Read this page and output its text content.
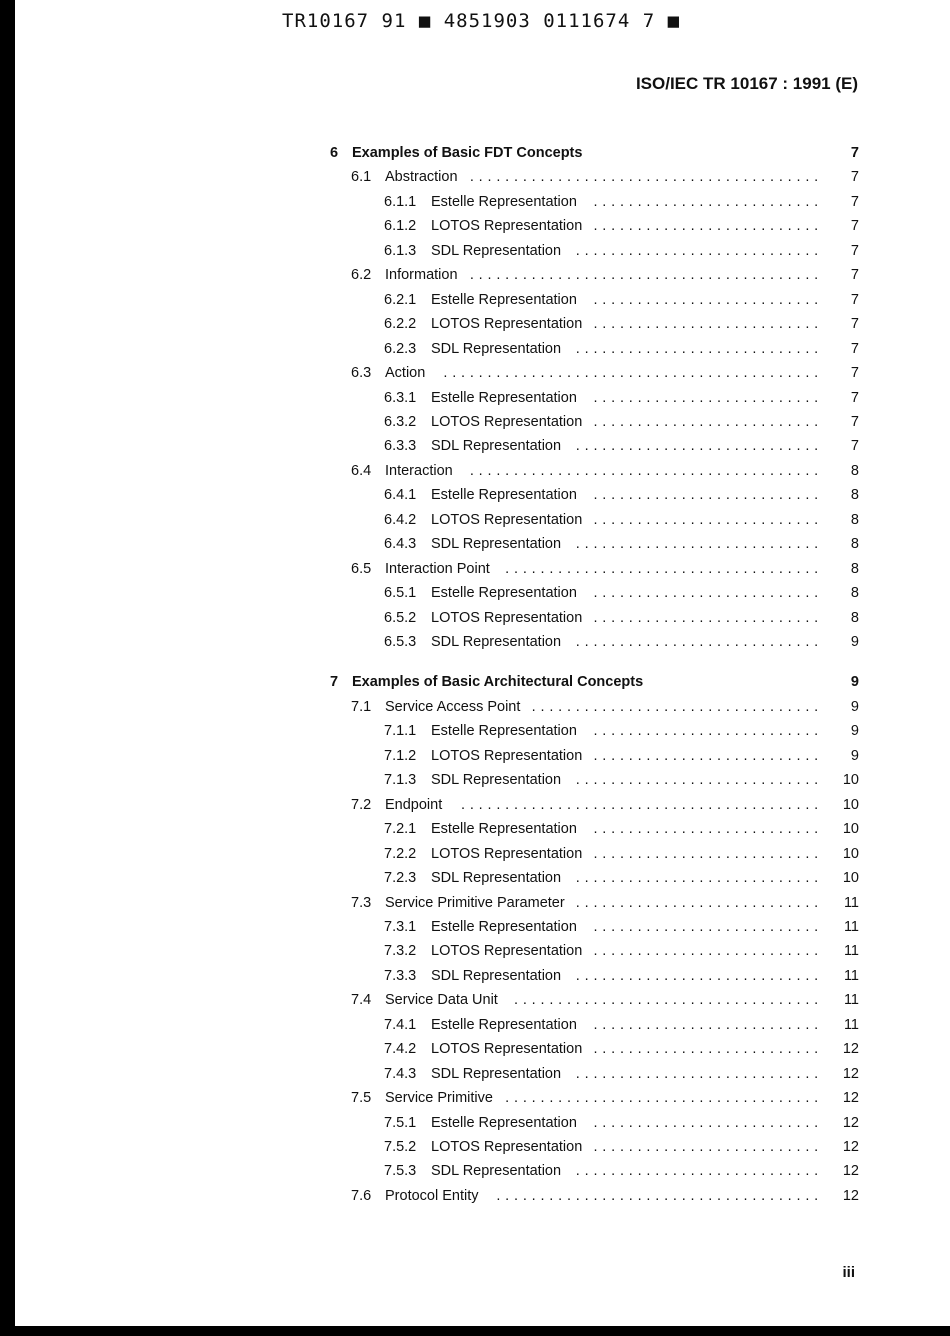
TR10167 91 ■ 4851903 0111674 7 ■
ISO/IEC TR 10167 : 1991 (E)
6 Examples of Basic FDT Concepts	7
6.1 Abstraction ........................................ 7
6.1.1 Estelle Representation .......................... 7
6.1.2 LOTOS Representation .......................... 7
6.1.3 SDL Representation ............................ 7
6.2 Information ........................................ 7
6.2.1 Estelle Representation .......................... 7
6.2.2 LOTOS Representation .......................... 7
6.2.3 SDL Representation ............................ 7
6.3 Action ........................................... 7
6.3.1 Estelle Representation .......................... 7
6.3.2 LOTOS Representation .......................... 7
6.3.3 SDL Representation ............................ 7
6.4 Interaction ........................................ 8
6.4.1 Estelle Representation .......................... 8
6.4.2 LOTOS Representation .......................... 8
6.4.3 SDL Representation ............................ 8
6.5 Interaction Point .................................... 8
6.5.1 Estelle Representation .......................... 8
6.5.2 LOTOS Representation .......................... 8
6.5.3 SDL Representation ............................ 9
7 Examples of Basic Architectural Concepts	9
7.1 Service Access Point ................................. 9
7.1.1 Estelle Representation .......................... 9
7.1.2 LOTOS Representation .......................... 9
7.1.3 SDL Representation ............................ 10
7.2 Endpoint ......................................... 10
7.2.1 Estelle Representation .......................... 10
7.2.2 LOTOS Representation .......................... 10
7.2.3 SDL Representation ............................ 10
7.3 Service Primitive Parameter ............................ 11
7.3.1 Estelle Representation .......................... 11
7.3.2 LOTOS Representation .......................... 11
7.3.3 SDL Representation ............................ 11
7.4 Service Data Unit ................................... 11
7.4.1 Estelle Representation .......................... 11
7.4.2 LOTOS Representation .......................... 12
7.4.3 SDL Representation ............................ 12
7.5 Service Primitive .................................... 12
7.5.1 Estelle Representation .......................... 12
7.5.2 LOTOS Representation .......................... 12
7.5.3 SDL Representation ............................ 12
7.6 Protocol Entity ..................................... 12
iii
